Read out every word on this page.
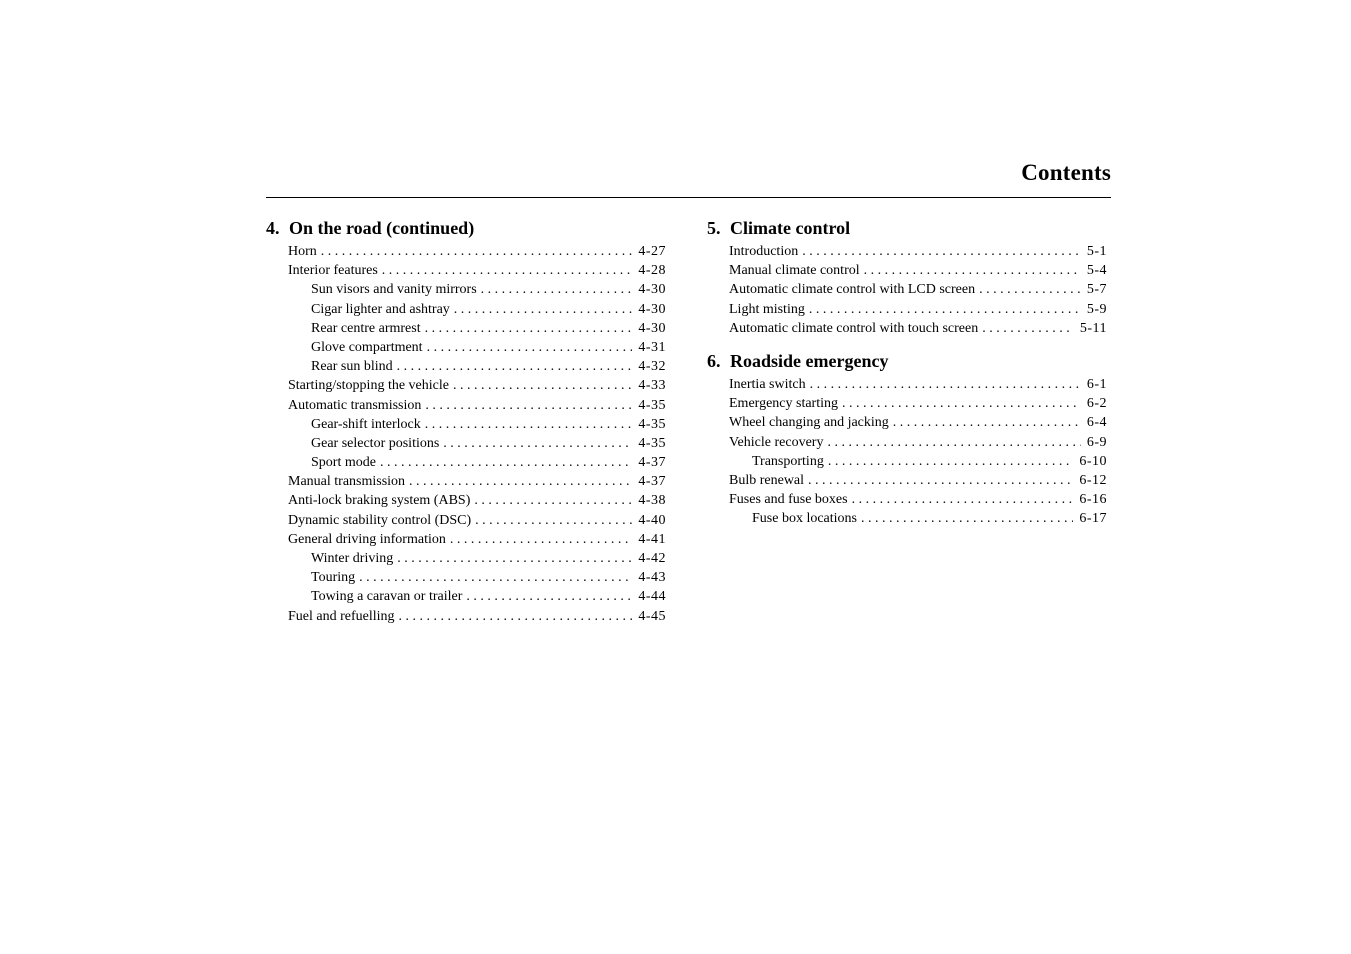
Contents
4. On the road (continued)
Horn . . .	4-27
Interior features . . .	4-28
Sun visors and vanity mirrors . . .	4-30
Cigar lighter and ashtray . . .	4-30
Rear centre armrest . . .	4-30
Glove compartment . . .	4-31
Rear sun blind . . .	4-32
Starting/stopping the vehicle . . .	4-33
Automatic transmission . . .	4-35
Gear-shift interlock . . .	4-35
Gear selector positions . . .	4-35
Sport mode . . .	4-37
Manual transmission . . .	4-37
Anti-lock braking system (ABS) . . .	4-38
Dynamic stability control (DSC) . . .	4-40
General driving information . . .	4-41
Winter driving . . .	4-42
Touring . . .	4-43
Towing a caravan or trailer . . .	4-44
Fuel and refuelling . . .	4-45
5. Climate control
Introduction . . .	5-1
Manual climate control . . .	5-4
Automatic climate control with LCD screen . . .	5-7
Light misting . . .	5-9
Automatic climate control with touch screen . . .	5-11
6. Roadside emergency
Inertia switch . . .	6-1
Emergency starting . . .	6-2
Wheel changing and jacking . . .	6-4
Vehicle recovery . . .	6-9
Transporting . . .	6-10
Bulb renewal . . .	6-12
Fuses and fuse boxes . . .	6-16
Fuse box locations . . .	6-17
